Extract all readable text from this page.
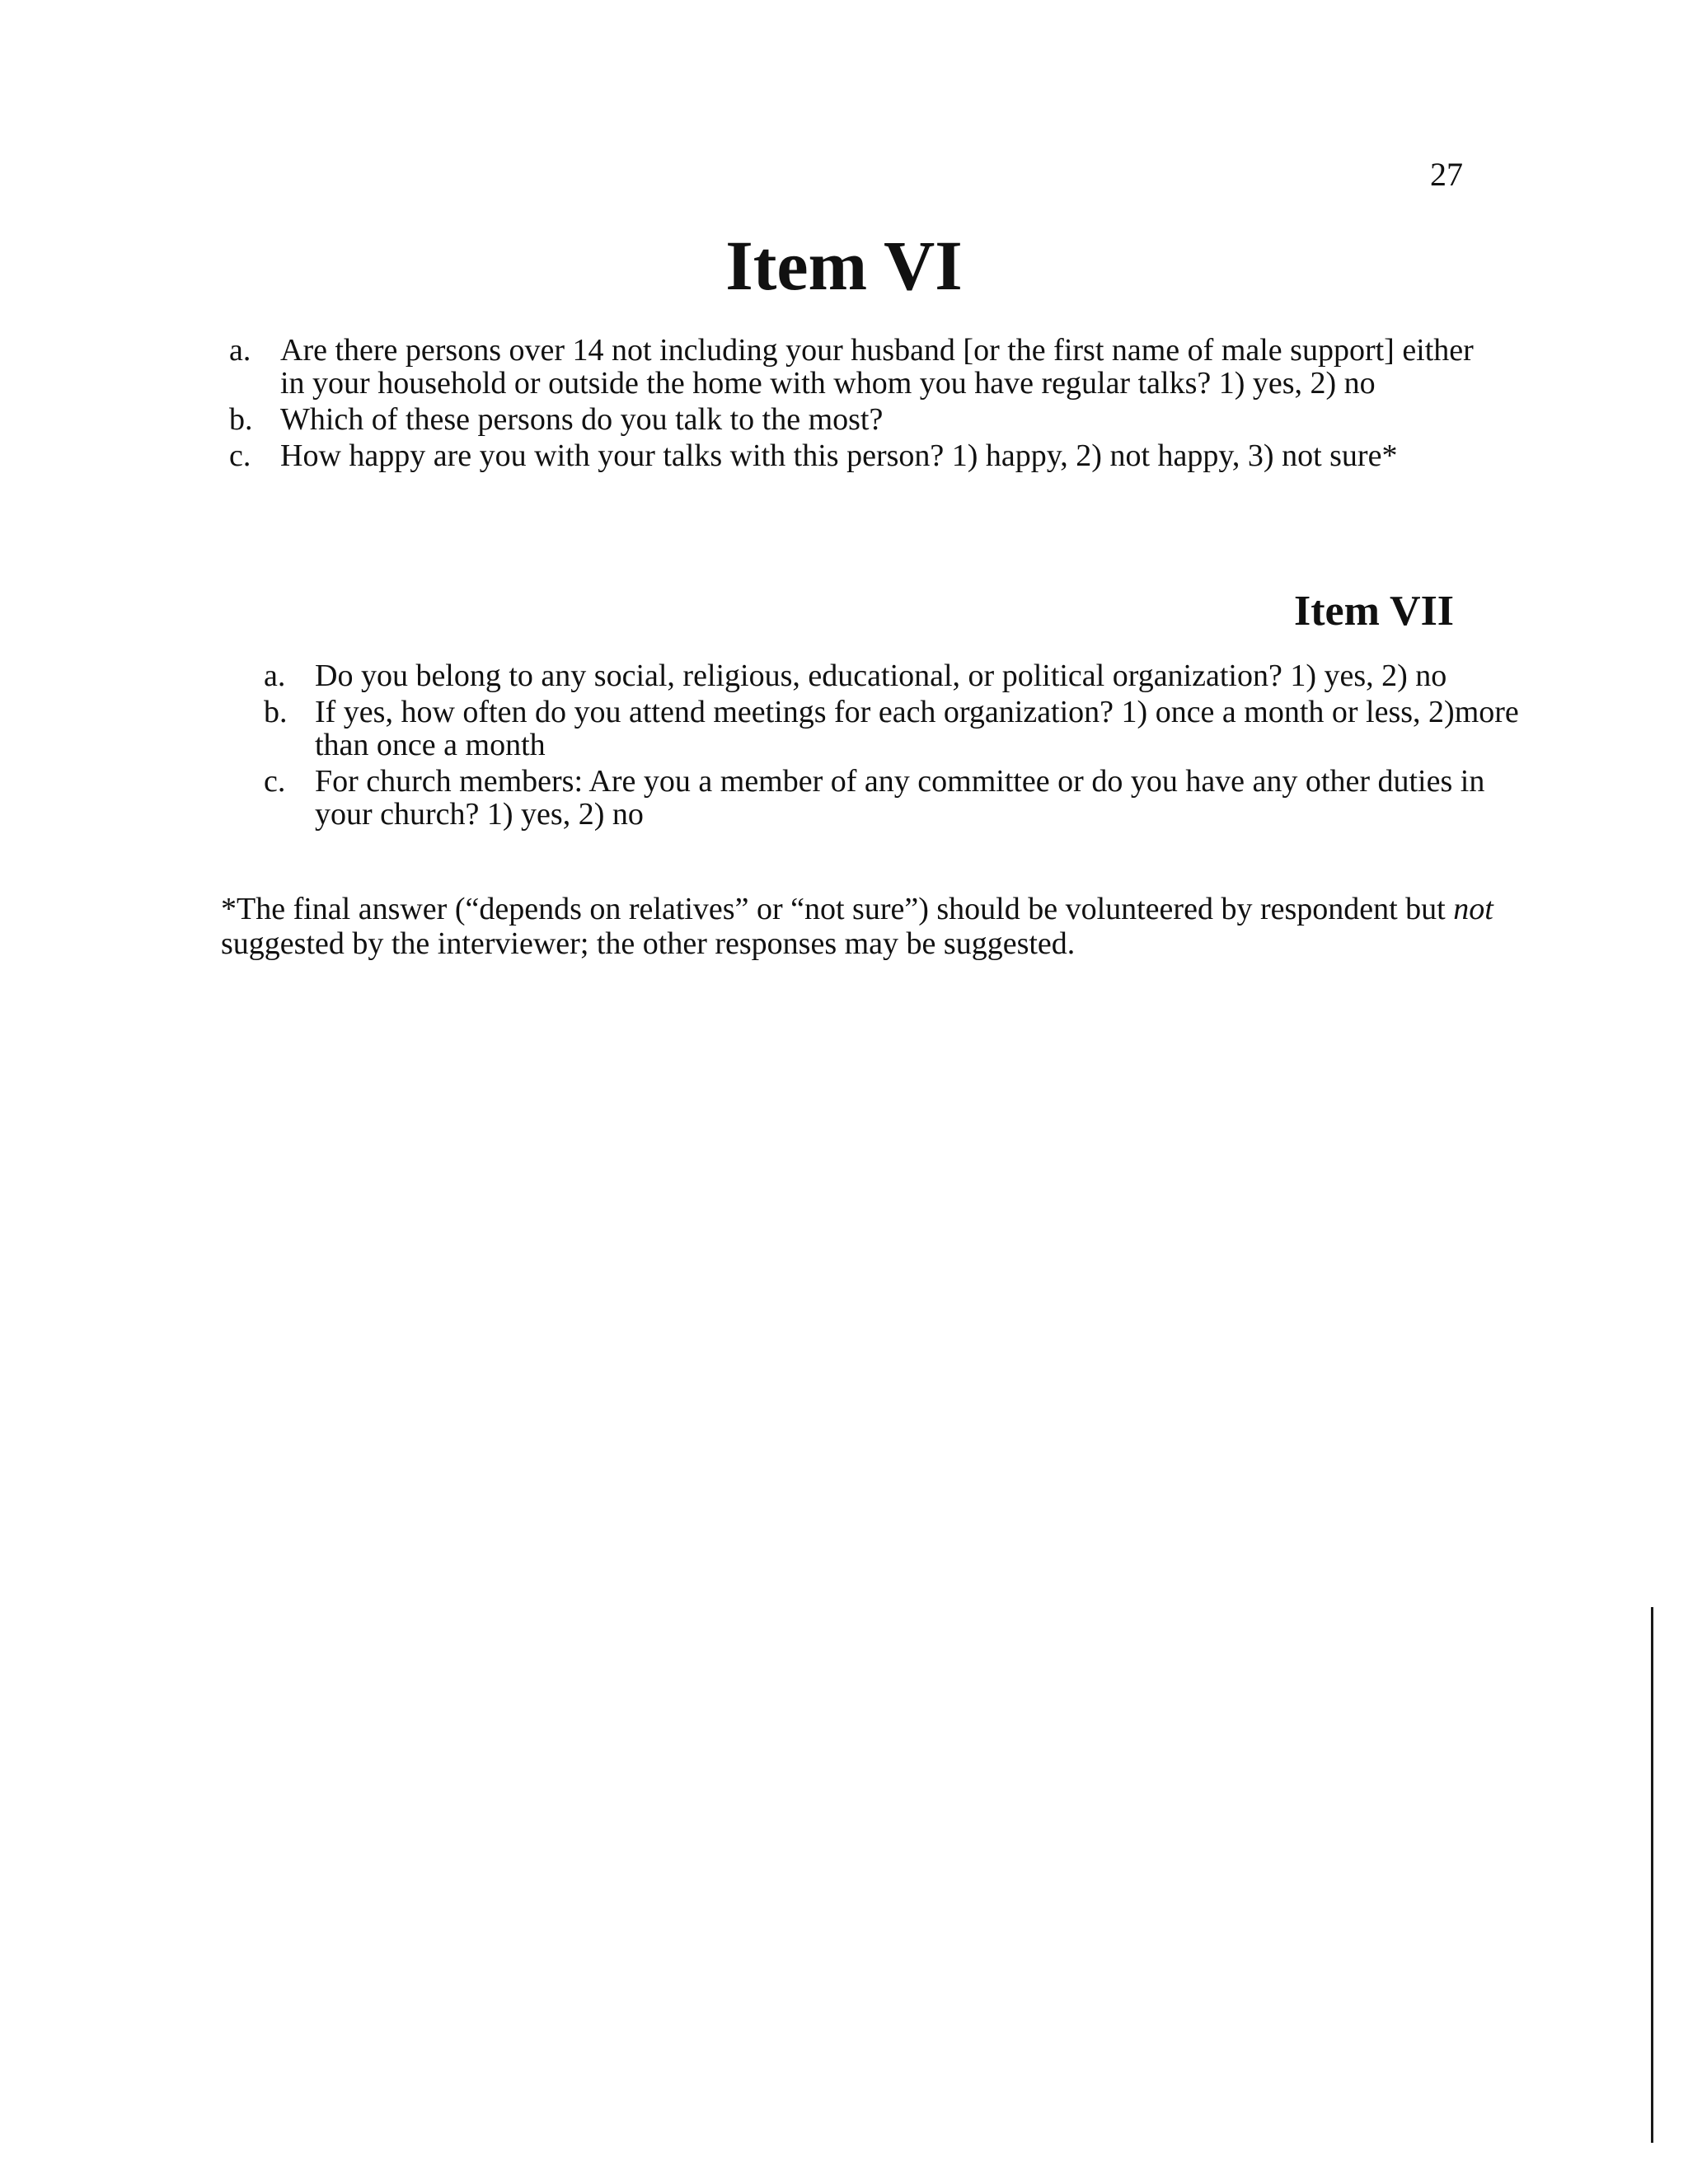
27
Item VI
a. Are there persons over 14 not including your husband [or the first name of male support] either in your household or outside the home with whom you have regular talks? 1) yes, 2) no
b. Which of these persons do you talk to the most?
c. How happy are you with your talks with this person? 1) happy, 2) not happy, 3) not sure*
Item VII
a. Do you belong to any social, religious, educational, or political organization? 1) yes, 2) no
b. If yes, how often do you attend meetings for each organization? 1) once a month or less, 2)more than once a month
c. For church members: Are you a member of any committee or do you have any other duties in your church? 1) yes, 2) no

*The final answer (“depends on relatives” or “not sure”) should be volunteered by respondent but not suggested by the interviewer; the other responses may be suggested.
